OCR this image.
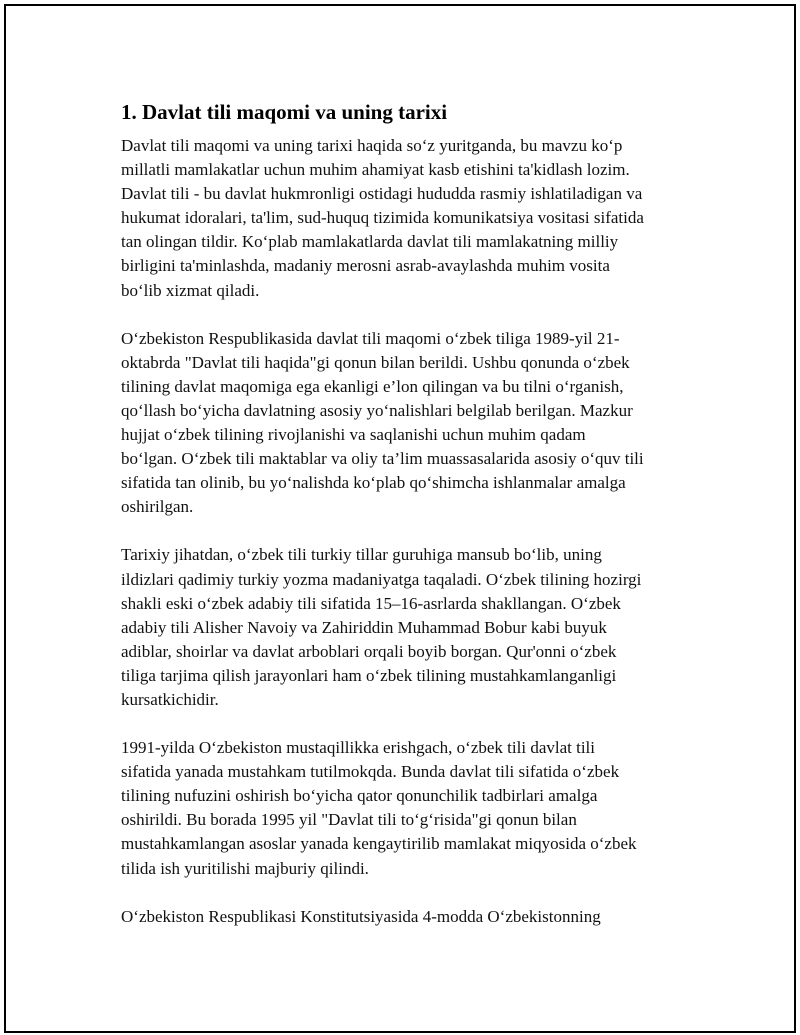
1. Davlat tili maqomi va uning tarixi

Davlat tili maqomi va uning tarixi haqida soʻz yuritganda, bu mavzu koʻp
millatli mamlakatlar uchun muhim ahamiyat kasb etishini ta'kidlash lozim.
Davlat tili - bu davlat hukmronligi ostidagi hududda rasmiy ishlatiladigan va
hukumat idoralari, ta'lim, sud-huquq tizimida komunikatsiya vositasi sifatida
tan olingan tildir. Koʻplab mamlakatlarda davlat tili mamlakatning milliy
birligini ta'minlashda, madaniy merosni asrab-avaylashda muhim vosita
boʻlib xizmat qiladi.

Oʻzbekiston Respublikasida davlat tili maqomi oʻzbek tiliga 1989-yil 21-
oktabrda "Davlat tili haqida"gi qonun bilan berildi. Ushbu qonunda oʻzbek
tilining davlat maqomiga ega ekanligi e’lon qilingan va bu tilni oʻrganish,
qoʻllash boʻyicha davlatning asosiy yoʻnalishlari belgilab berilgan. Mazkur
hujjat oʻzbek tilining rivojlanishi va saqlanishi uchun muhim qadam
boʻlgan. Oʻzbek tili maktablar va oliy ta’lim muassasalarida asosiy oʻquv tili
sifatida tan olinib, bu yoʻnalishda koʻplab qoʻshimcha ishlanmalar amalga
oshirilgan.

Tarixiy jihatdan, oʻzbek tili turkiy tillar guruhiga mansub boʻlib, uning
ildizlari qadimiy turkiy yozma madaniyatga taqaladi. Oʻzbek tilining hozirgi
shakli eski oʻzbek adabiy tili sifatida 15–16-asrlarda shakllangan. Oʻzbek
adabiy tili Alisher Navoiy va Zahiriddin Muhammad Bobur kabi buyuk
adiblar, shoirlar va davlat arboblari orqali boyib borgan. Qur'onni oʻzbek
tiliga tarjima qilish jarayonlari ham oʻzbek tilining mustahkamlanganligi
kursatkichidir.

1991-yilda Oʻzbekiston mustaqillikka erishgach, oʻzbek tili davlat tili
sifatida yanada mustahkam tutilmokqda. Bunda davlat tili sifatida oʻzbek
tilining nufuzini oshirish boʻyicha qator qonunchilik tadbirlari amalga
oshirildi. Bu borada 1995 yil "Davlat tili toʻgʻrisida"gi qonun bilan
mustahkamlangan asoslar yanada kengaytirilib mamlakat miqyosida oʻzbek
tilida ish yuritilishi majburiy qilindi.

Oʻzbekiston Respublikasi Konstitutsiyasida 4-modda Oʻzbekistonning
